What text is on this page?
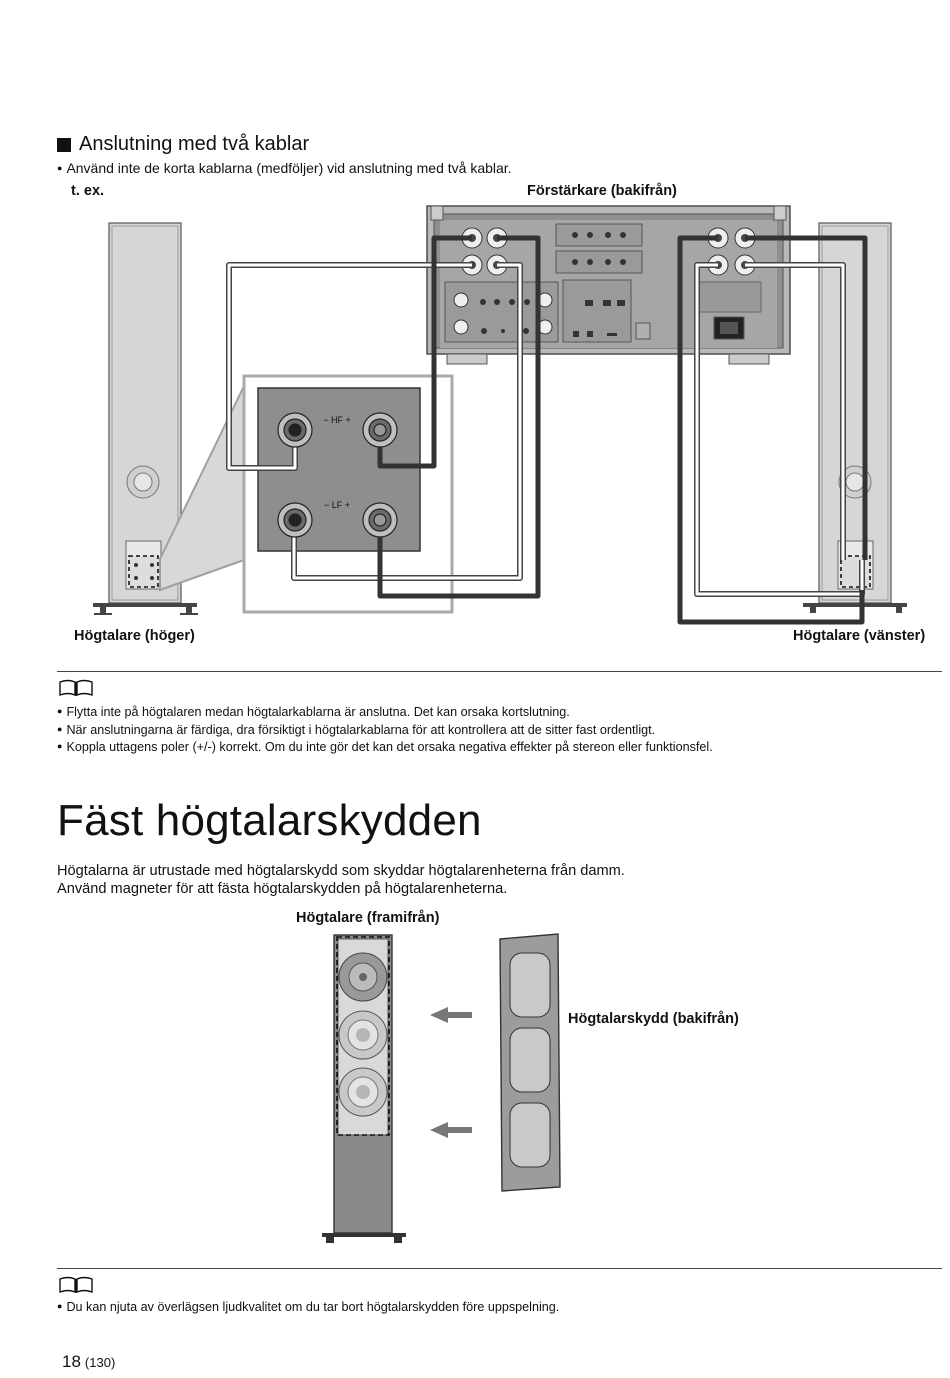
Anslutning med två kablar
● Använd inte de korta kablarna (medföljer) vid anslutning med två kablar.
t. ex.	Förstärkare (bakifrån)
Högtalare (höger)	Högtalare (vänster)
− HF +
− LF +
● Flytta inte på högtalaren medan högtalarkablarna är anslutna. Det kan orsaka kortslutning.
● När anslutningarna är färdiga, dra försiktigt i högtalarkablarna för att kontrollera att de sitter fast ordentligt.
● Koppla uttagens poler (+/-) korrekt. Om du inte gör det kan det orsaka negativa effekter på stereon eller funktionsfel.
Fäst högtalarskydden
Högtalarna är utrustade med högtalarskydd som skyddar högtalarenheterna från damm.
Använd magneter för att fästa högtalarskydden på högtalarenheterna.
Högtalare (framifrån)
Högtalarskydd (bakifrån)
● Du kan njuta av överlägsen ljudkvalitet om du tar bort högtalarskydden före uppspelning.
18 (130)
